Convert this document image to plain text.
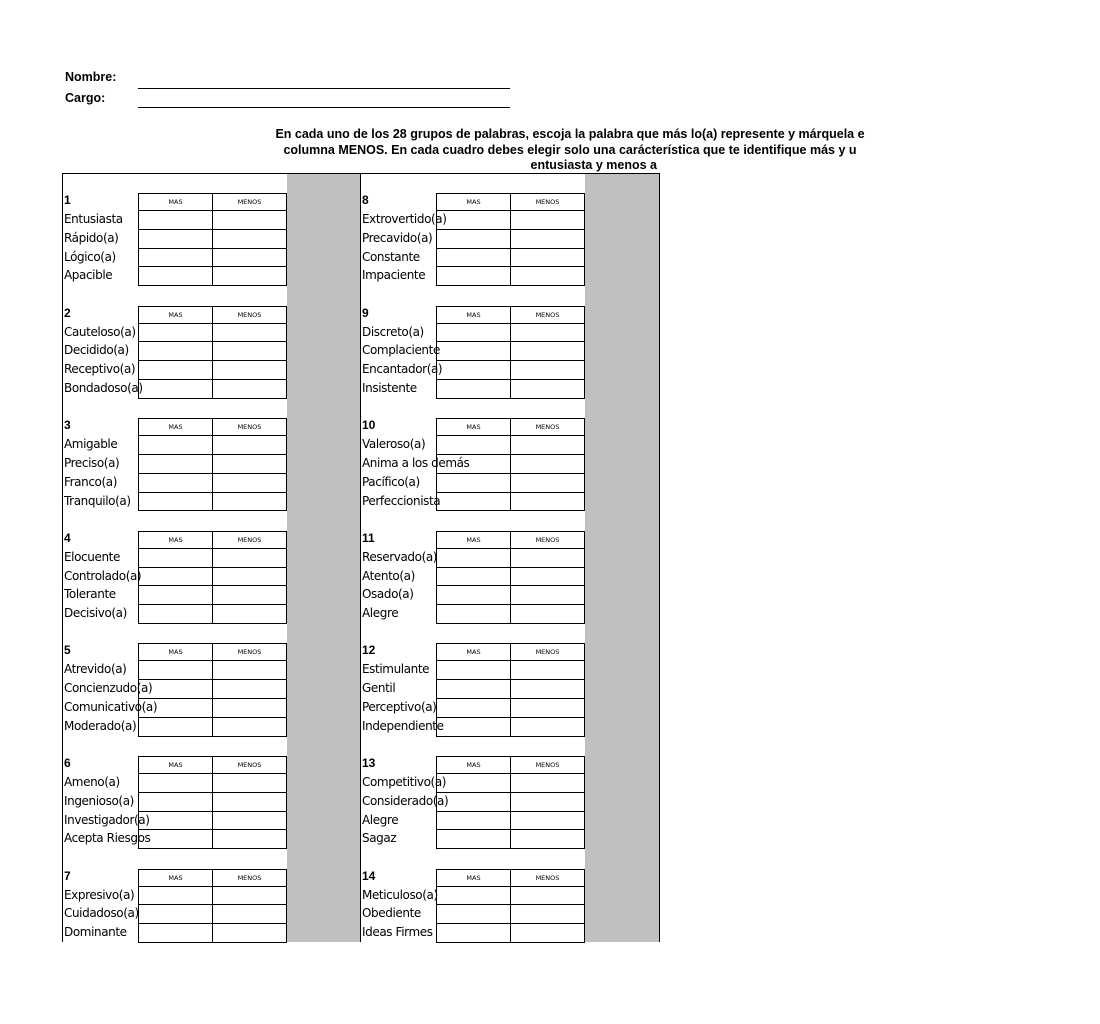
Nombre:
Cargo:
En cada uno de los 28 grupos de palabras, escoja la palabra que más lo(a) represente y márquela e
columna MENOS. En cada cuadro debes elegir solo una carácterística que te identifique más y u
entusiasta y menos a
1	MAS	MENOS
Entusiasta
Rápido(a)
Lógico(a)
Apacible
2	MAS	MENOS
Cauteloso(a)
Decidido(a)
Receptivo(a)
Bondadoso(a)
3	MAS	MENOS
Amigable
Preciso(a)
Franco(a)
Tranquilo(a)
4	MAS	MENOS
Elocuente
Controlado(a)
Tolerante
Decisivo(a)
5	MAS	MENOS
Atrevido(a)
Concienzudo(a)
Comunicativo(a)
Moderado(a)
6	MAS	MENOS
Ameno(a)
Ingenioso(a)
Investigador(a)
Acepta Riesgos
7	MAS	MENOS
Expresivo(a)
Cuidadoso(a)
Dominante
8	MAS	MENOS
Extrovertido(a)
Precavido(a)
Constante
Impaciente
9	MAS	MENOS
Discreto(a)
Complaciente
Encantador(a)
Insistente
10	MAS	MENOS
Valeroso(a)
Anima a los demás
Pacífico(a)
Perfeccionista
11	MAS	MENOS
Reservado(a)
Atento(a)
Osado(a)
Alegre
12	MAS	MENOS
Estimulante
Gentil
Perceptivo(a)
Independiente
13	MAS	MENOS
Competitivo(a)
Considerado(a)
Alegre
Sagaz
14	MAS	MENOS
Meticuloso(a)
Obediente
Ideas Firmes
